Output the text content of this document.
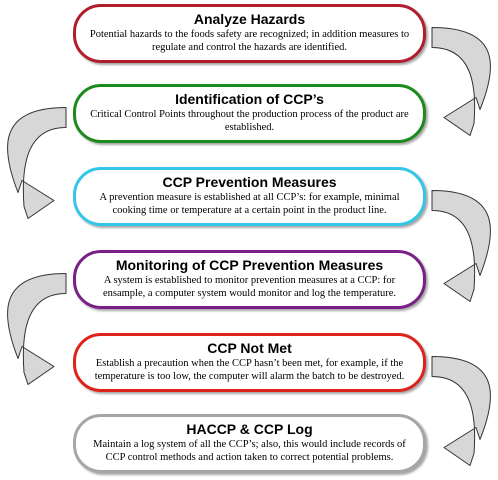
Analyze Hazards
Potential hazards to the foods safety are recognized; in addition measures to regulate and control the hazards are identified.
Identification of CCP’s
Critical Control Points throughout the production process of the product are established.
CCP Prevention Measures
A prevention measure is established at all CCP’s: for example, minimal cooking time or temperature at a certain point in the product line.
Monitoring of CCP Prevention Measures
A system is established to monitor prevention measures at a CCP: for ensample, a computer system would monitor and log the temperature.
CCP Not Met
Establish a precaution when the CCP hasn’t been met, for example, if the temperature is too low, the computer will alarm the batch to be destroyed.
HACCP & CCP Log
Maintain a log system of all the CCP’s; also, this would include records of CCP control methods and action taken to correct potential problems.
